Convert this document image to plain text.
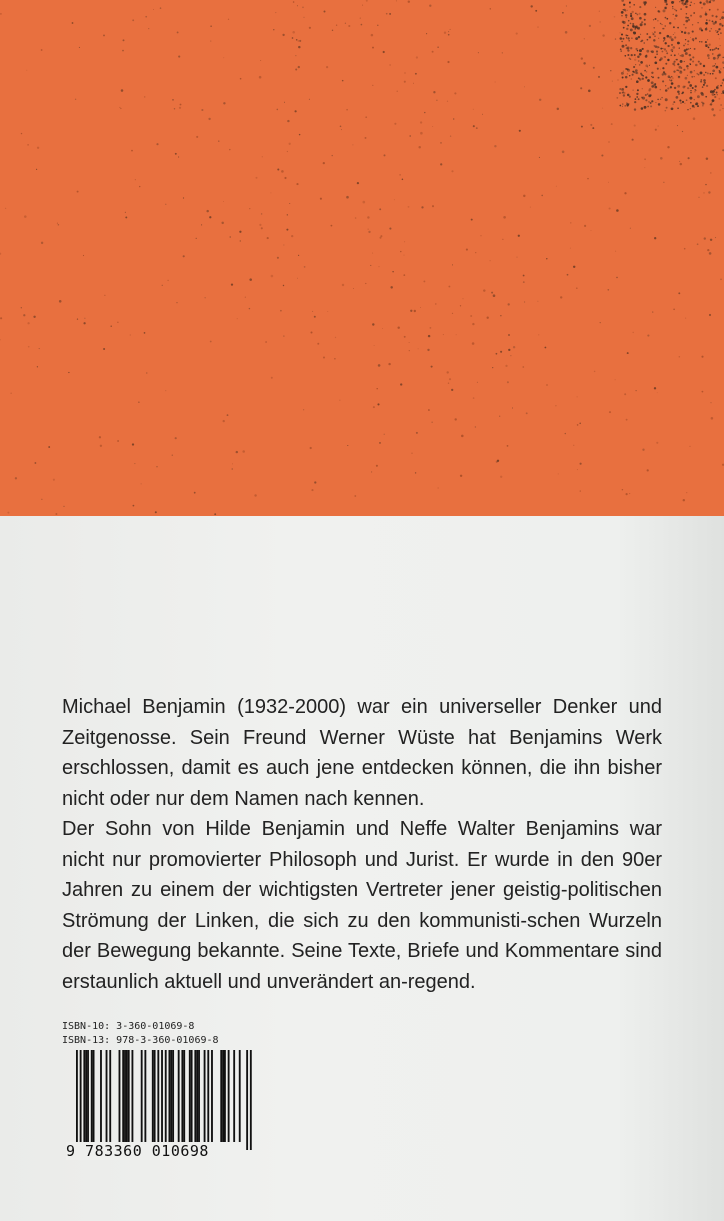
Michael Benjamin (1932-2000) war ein universeller Denker und Zeitgenosse. Sein Freund Werner Wüste hat Benjamins Werk erschlossen, damit es auch jene entdecken können, die ihn bisher nicht oder nur dem Namen nach kennen.

Der Sohn von Hilde Benjamin und Neffe Walter Benjamins war nicht nur promovierter Philosoph und Jurist. Er wurde in den 90er Jahren zu einem der wichtigsten Vertreter jener geistig-politischen Strömung der Linken, die sich zu den kommunisti-schen Wurzeln der Bewegung bekannte. Seine Texte, Briefe und Kommentare sind erstaunlich aktuell und unverändert an-regend.

ISBN-10: 3-360-01069-8
ISBN-13: 978-3-360-01069-8
9 783360 010698
